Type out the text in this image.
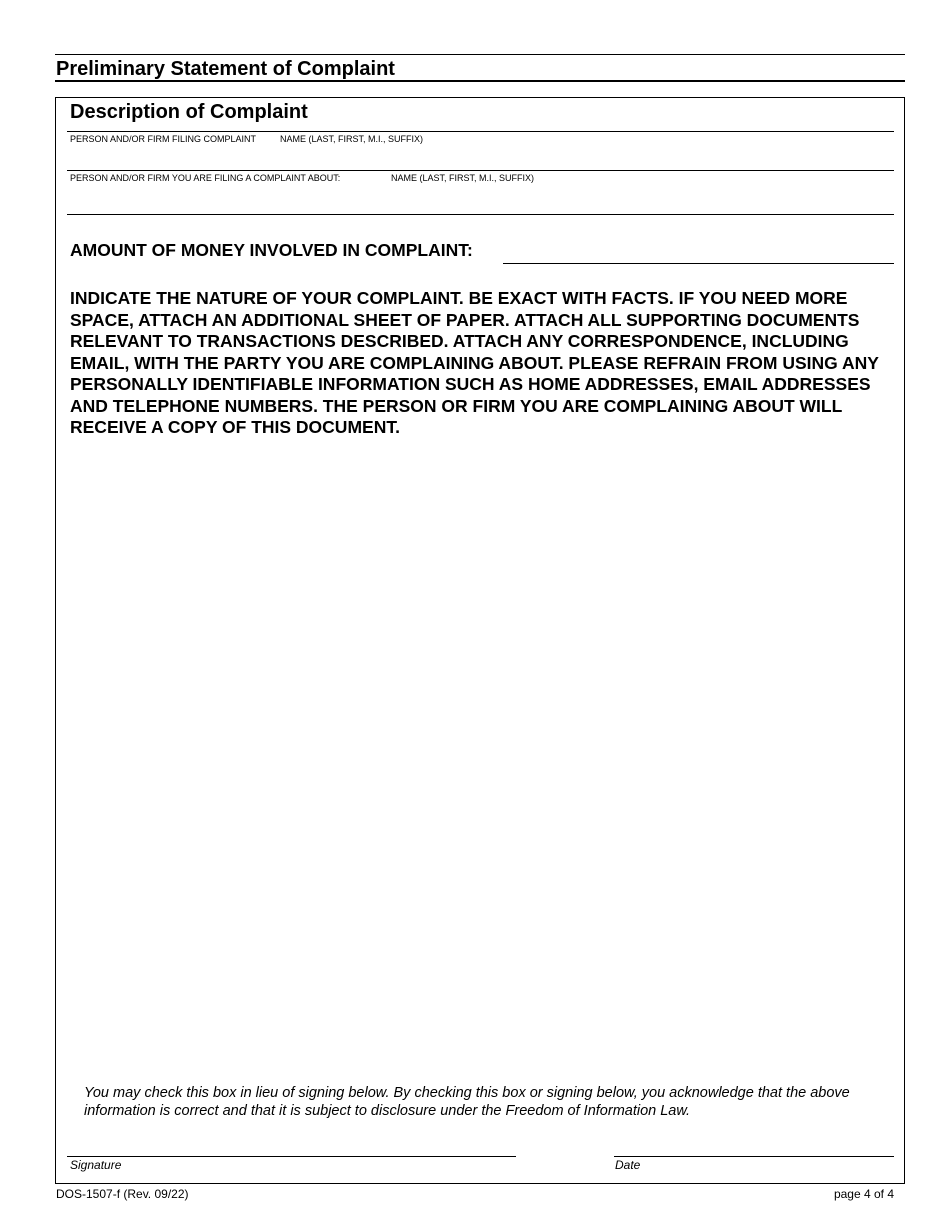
Preliminary Statement of Complaint
Description of Complaint
PERSON AND/OR FIRM FILING COMPLAINT	NAME (LAST, FIRST, M.I., SUFFIX)
PERSON AND/OR FIRM YOU ARE FILING A COMPLAINT ABOUT:	NAME (LAST, FIRST, M.I., SUFFIX)
AMOUNT OF MONEY INVOLVED IN COMPLAINT:
INDICATE THE NATURE OF YOUR COMPLAINT. BE EXACT WITH FACTS. IF YOU NEED MORE SPACE, ATTACH AN ADDITIONAL SHEET OF PAPER. ATTACH ALL SUPPORTING DOCUMENTS RELEVANT TO TRANSACTIONS DESCRIBED. ATTACH ANY CORRESPONDENCE, INCLUDING EMAIL, WITH THE PARTY YOU ARE COMPLAINING ABOUT. PLEASE REFRAIN FROM USING ANY PERSONALLY IDENTIFIABLE INFORMATION SUCH AS HOME ADDRESSES, EMAIL ADDRESSES AND TELEPHONE NUMBERS. THE PERSON OR FIRM YOU ARE COMPLAINING ABOUT WILL RECEIVE A COPY OF THIS DOCUMENT.
You may check this box in lieu of signing below. By checking this box or signing below, you acknowledge that the above information is correct and that it is subject to disclosure under the Freedom of Information Law.
Signature	Date
DOS-1507-f (Rev. 09/22)	page 4 of 4
